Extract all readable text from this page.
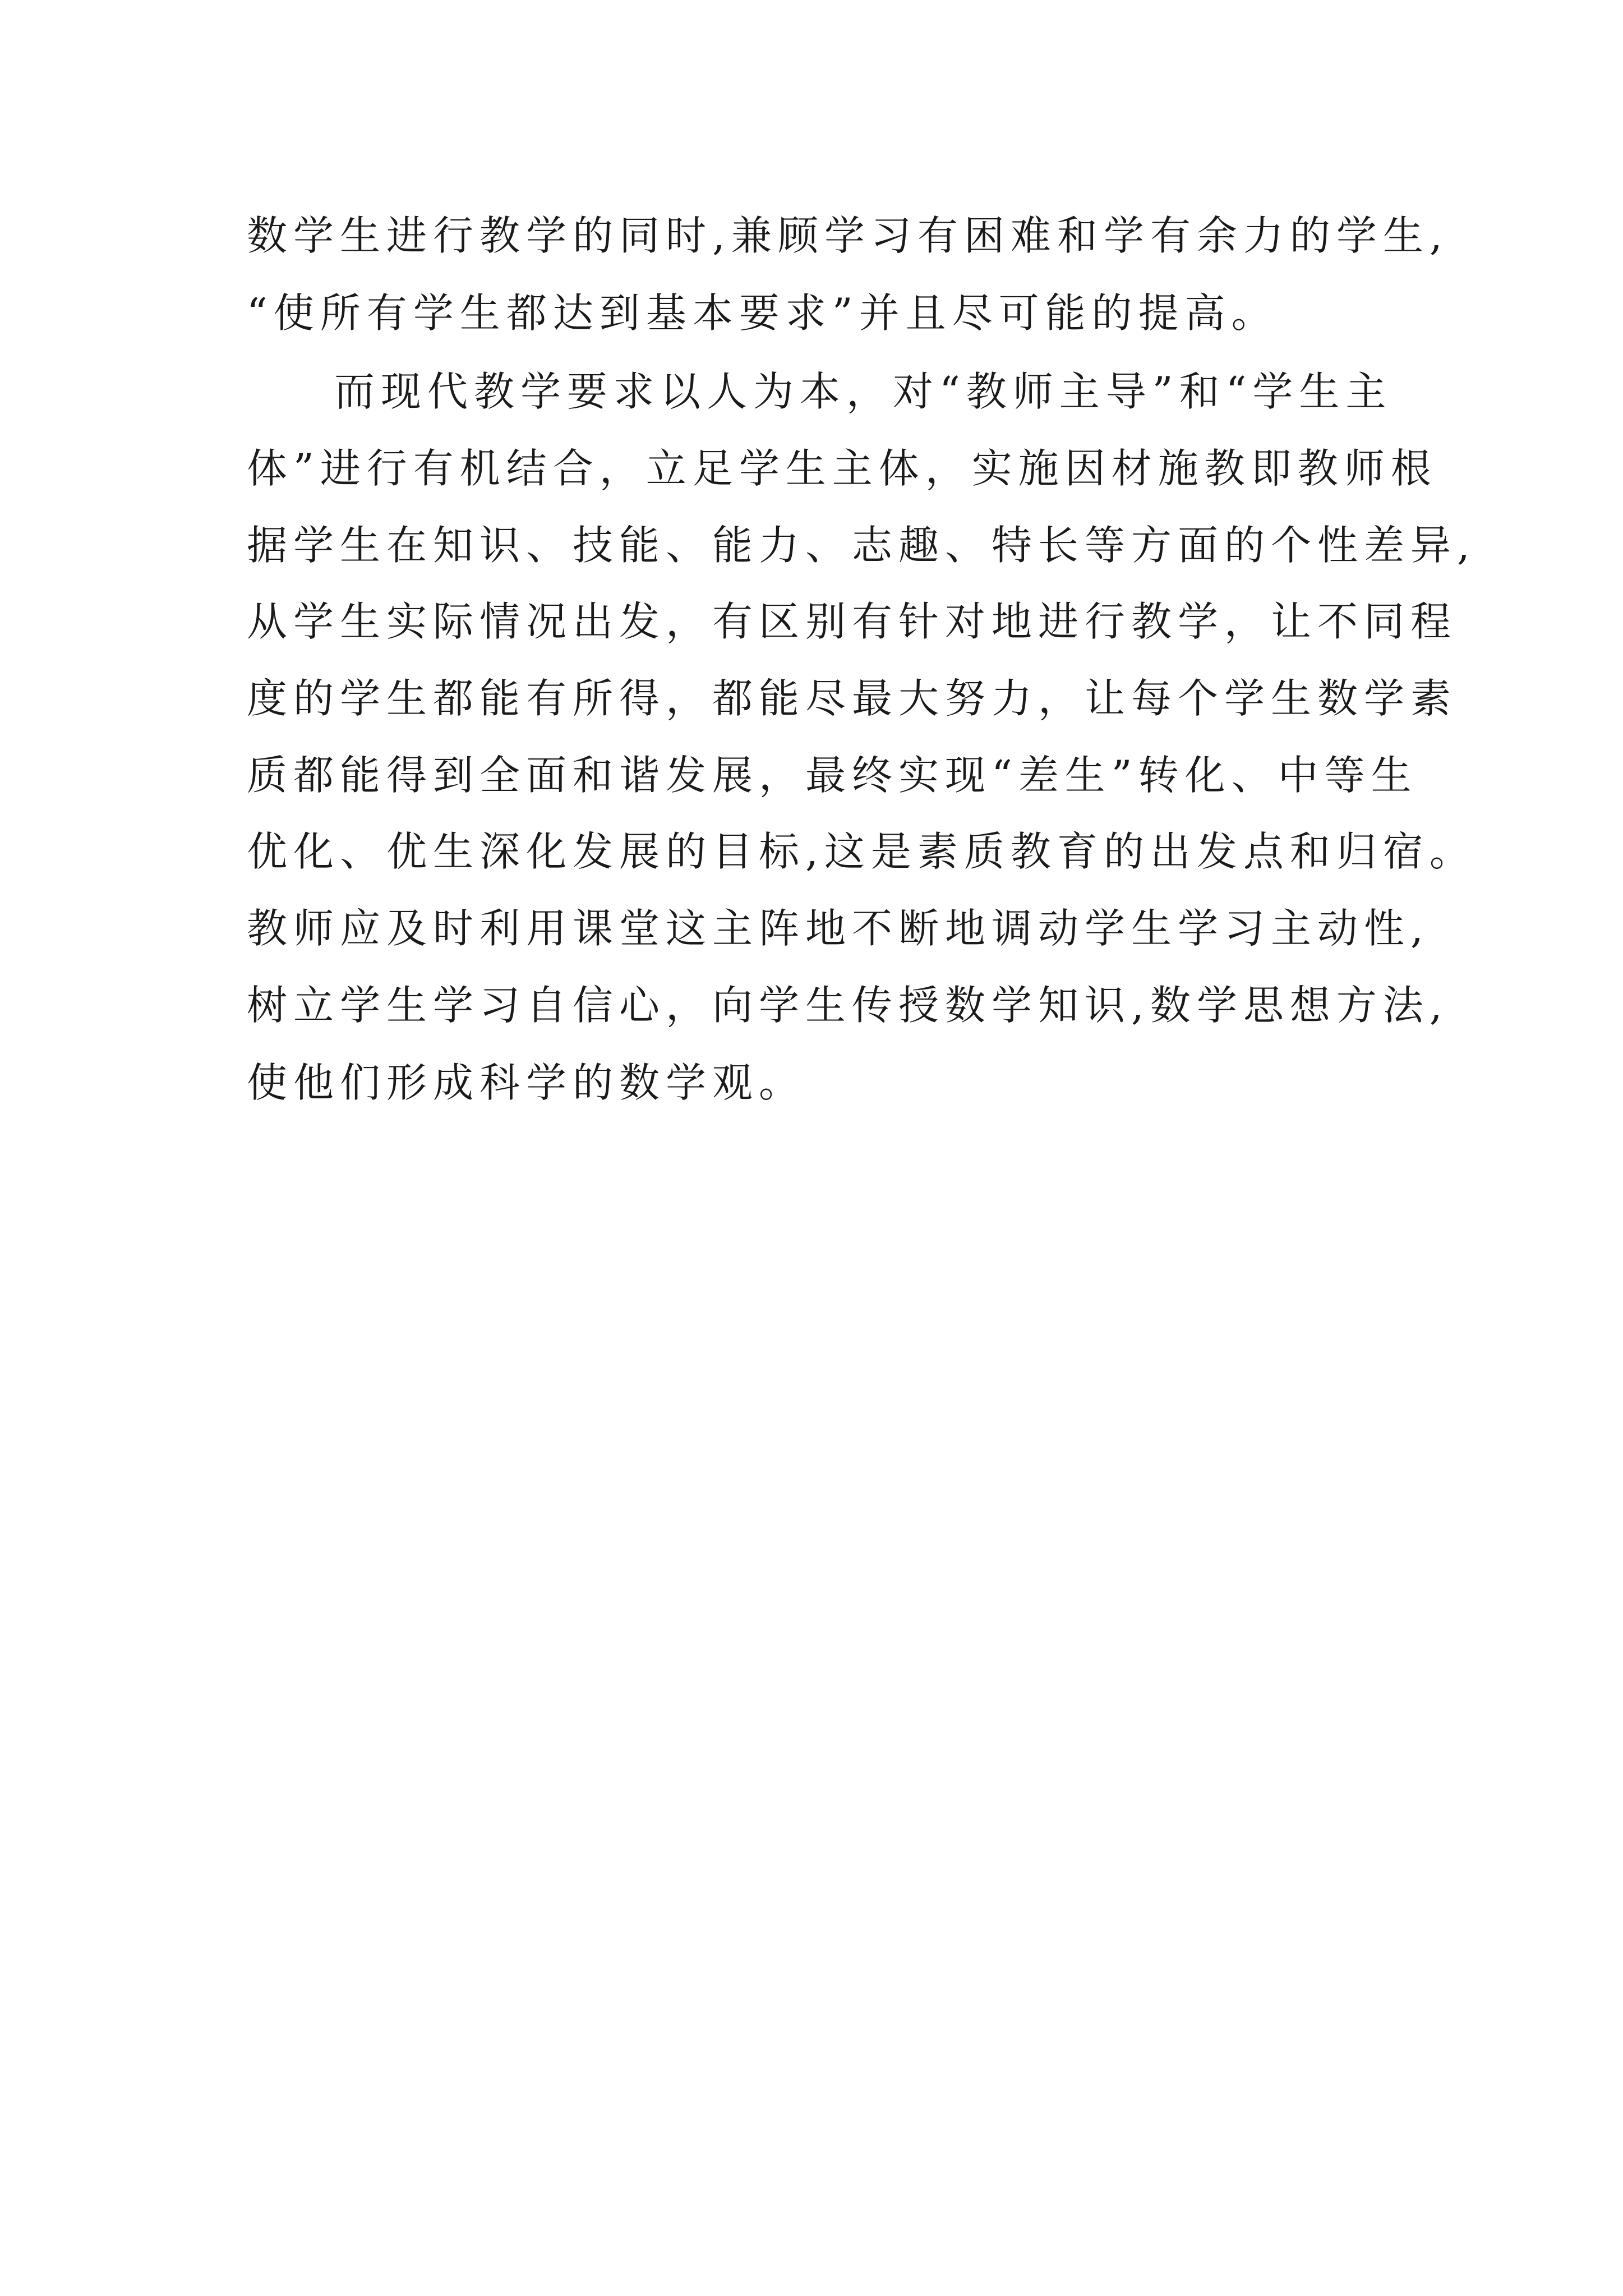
数学生进行教学的同时,兼顾学习有困难和学有余力的学生,
“使所有学生都达到基本要求”并且尽可能的提高。
而现代教学要求以人为本，对“教师主导”和“学生主
体”进行有机结合，立足学生主体，实施因材施教即教师根
据学生在知识、技能、能力、志趣、特长等方面的个性差异,
从学生实际情况出发，有区别有针对地进行教学，让不同程
度的学生都能有所得，都能尽最大努力，让每个学生数学素
质都能得到全面和谐发展，最终实现“差生”转化、中等生
优化、优生深化发展的目标,这是素质教育的出发点和归宿。
教师应及时利用课堂这主阵地不断地调动学生学习主动性,
树立学生学习自信心，向学生传授数学知识,数学思想方法,
使他们形成科学的数学观。
